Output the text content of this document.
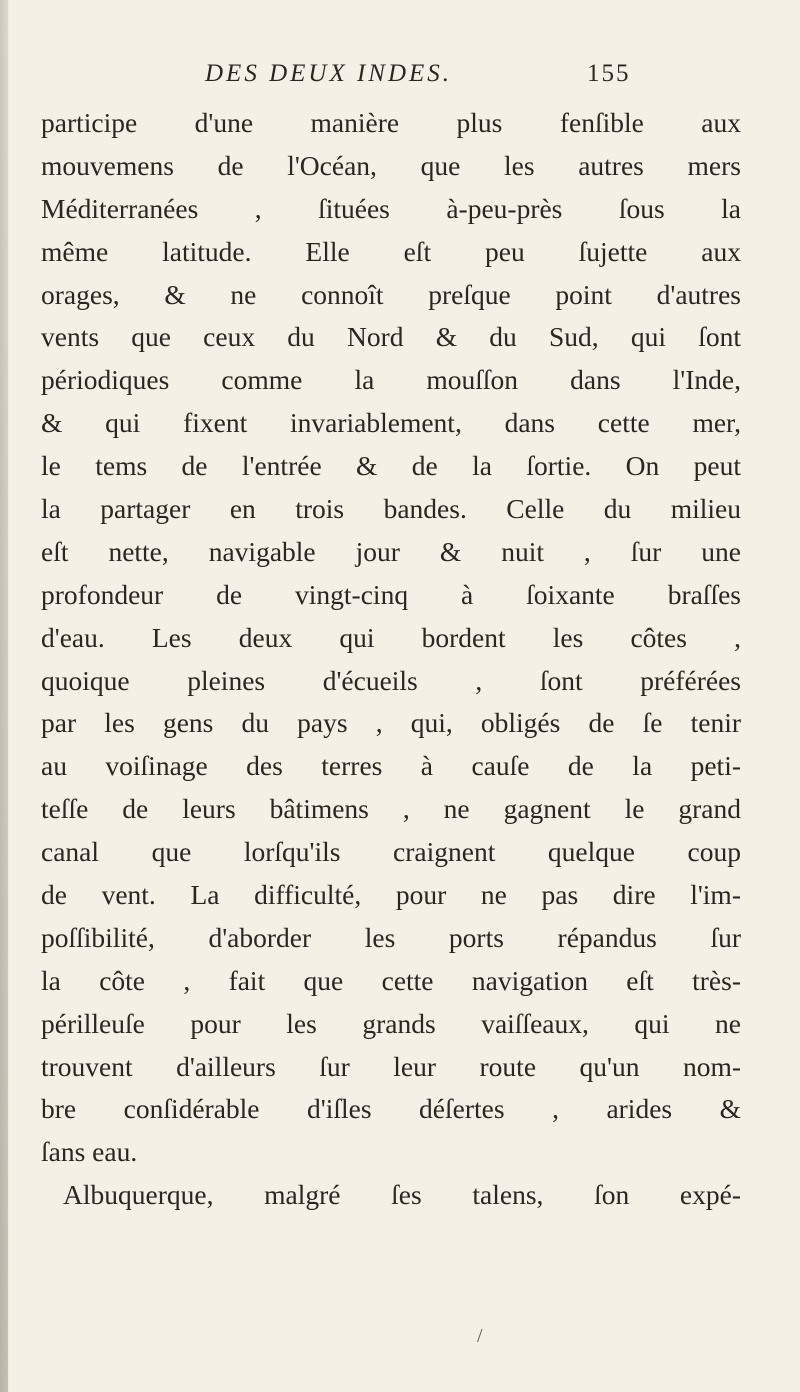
DES DEUX INDES.	155
participe d'une manière plus fenſible aux
mouvemens de l'Océan, que les autres mers
Méditerranées , ſituées à-peu-près ſous la
même latitude. Elle eſt peu ſujette aux
orages, & ne connoît preſque point d'autres
vents que ceux du Nord & du Sud, qui ſont
périodiques comme la mouſſon dans l'Inde,
& qui fixent invariablement, dans cette mer,
le tems de l'entrée & de la ſortie. On peut
la partager en trois bandes. Celle du milieu
eſt nette, navigable jour & nuit , ſur une
profondeur de vingt-cinq à ſoixante braſſes
d'eau. Les deux qui bordent les côtes ,
quoique pleines d'écueils , ſont préférées
par les gens du pays , qui, obligés de ſe tenir
au voiſinage des terres à cauſe de la peti-
teſſe de leurs bâtimens , ne gagnent le grand
canal que lorſqu'ils craignent quelque coup
de vent. La difficulté, pour ne pas dire l'im-
poſſibilité, d'aborder les ports répandus ſur
la côte , fait que cette navigation eſt très-
périlleuſe pour les grands vaiſſeaux, qui ne
trouvent d'ailleurs ſur leur route qu'un nom-
bre conſidérable d'iſles déſertes , arides &
ſans eau.
Albuquerque, malgré ſes talens, ſon expé-
/
